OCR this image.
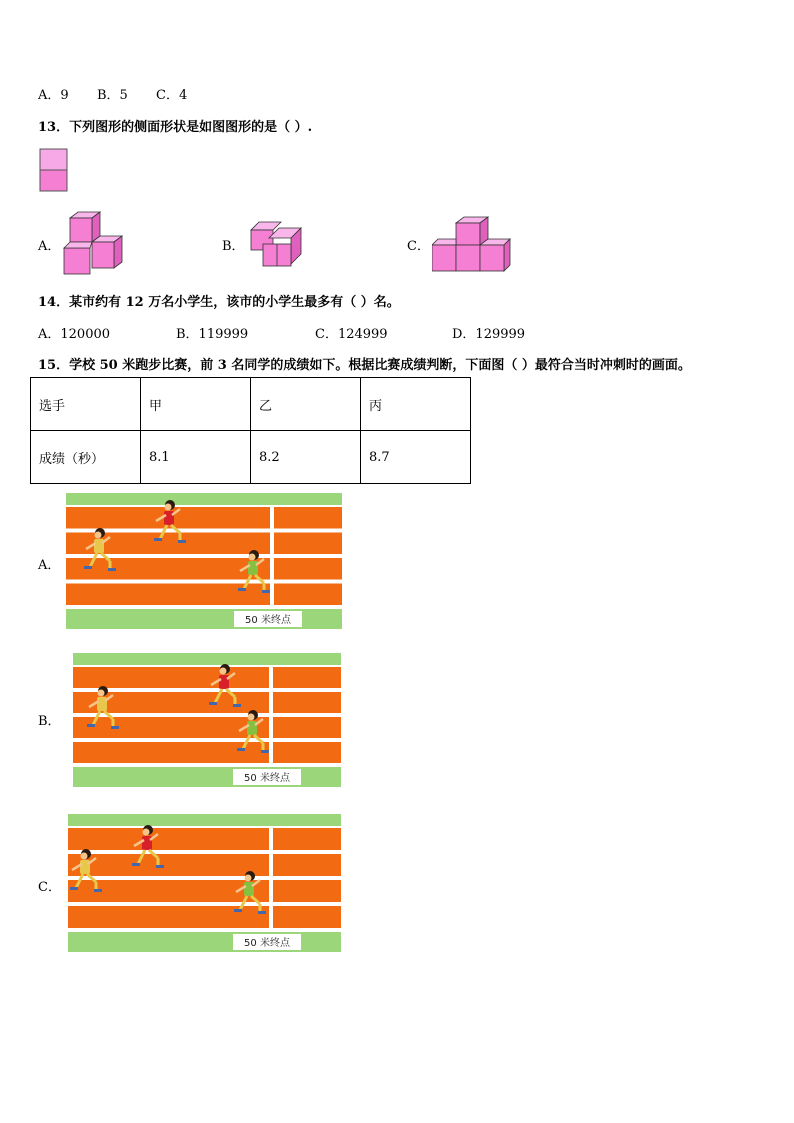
A．9 B．5 C．4
13．下列图形的侧面形状是如图图形的是（ ）.
A．	B．	C．
14．某市约有 12 万名小学生，该市的小学生最多有（ ）名。
A．120000	B．119999	C．124999	D．129999
15．学校 50 米跑步比赛，前 3 名同学的成绩如下。根据比赛成绩判断，下面图（ ）最符合当时冲刺时的画面。
选手	甲	乙	丙
成绩（秒）	8.1	8.2	8.7
A．
B．
C．
50 米终点
50 米终点
50 米终点
